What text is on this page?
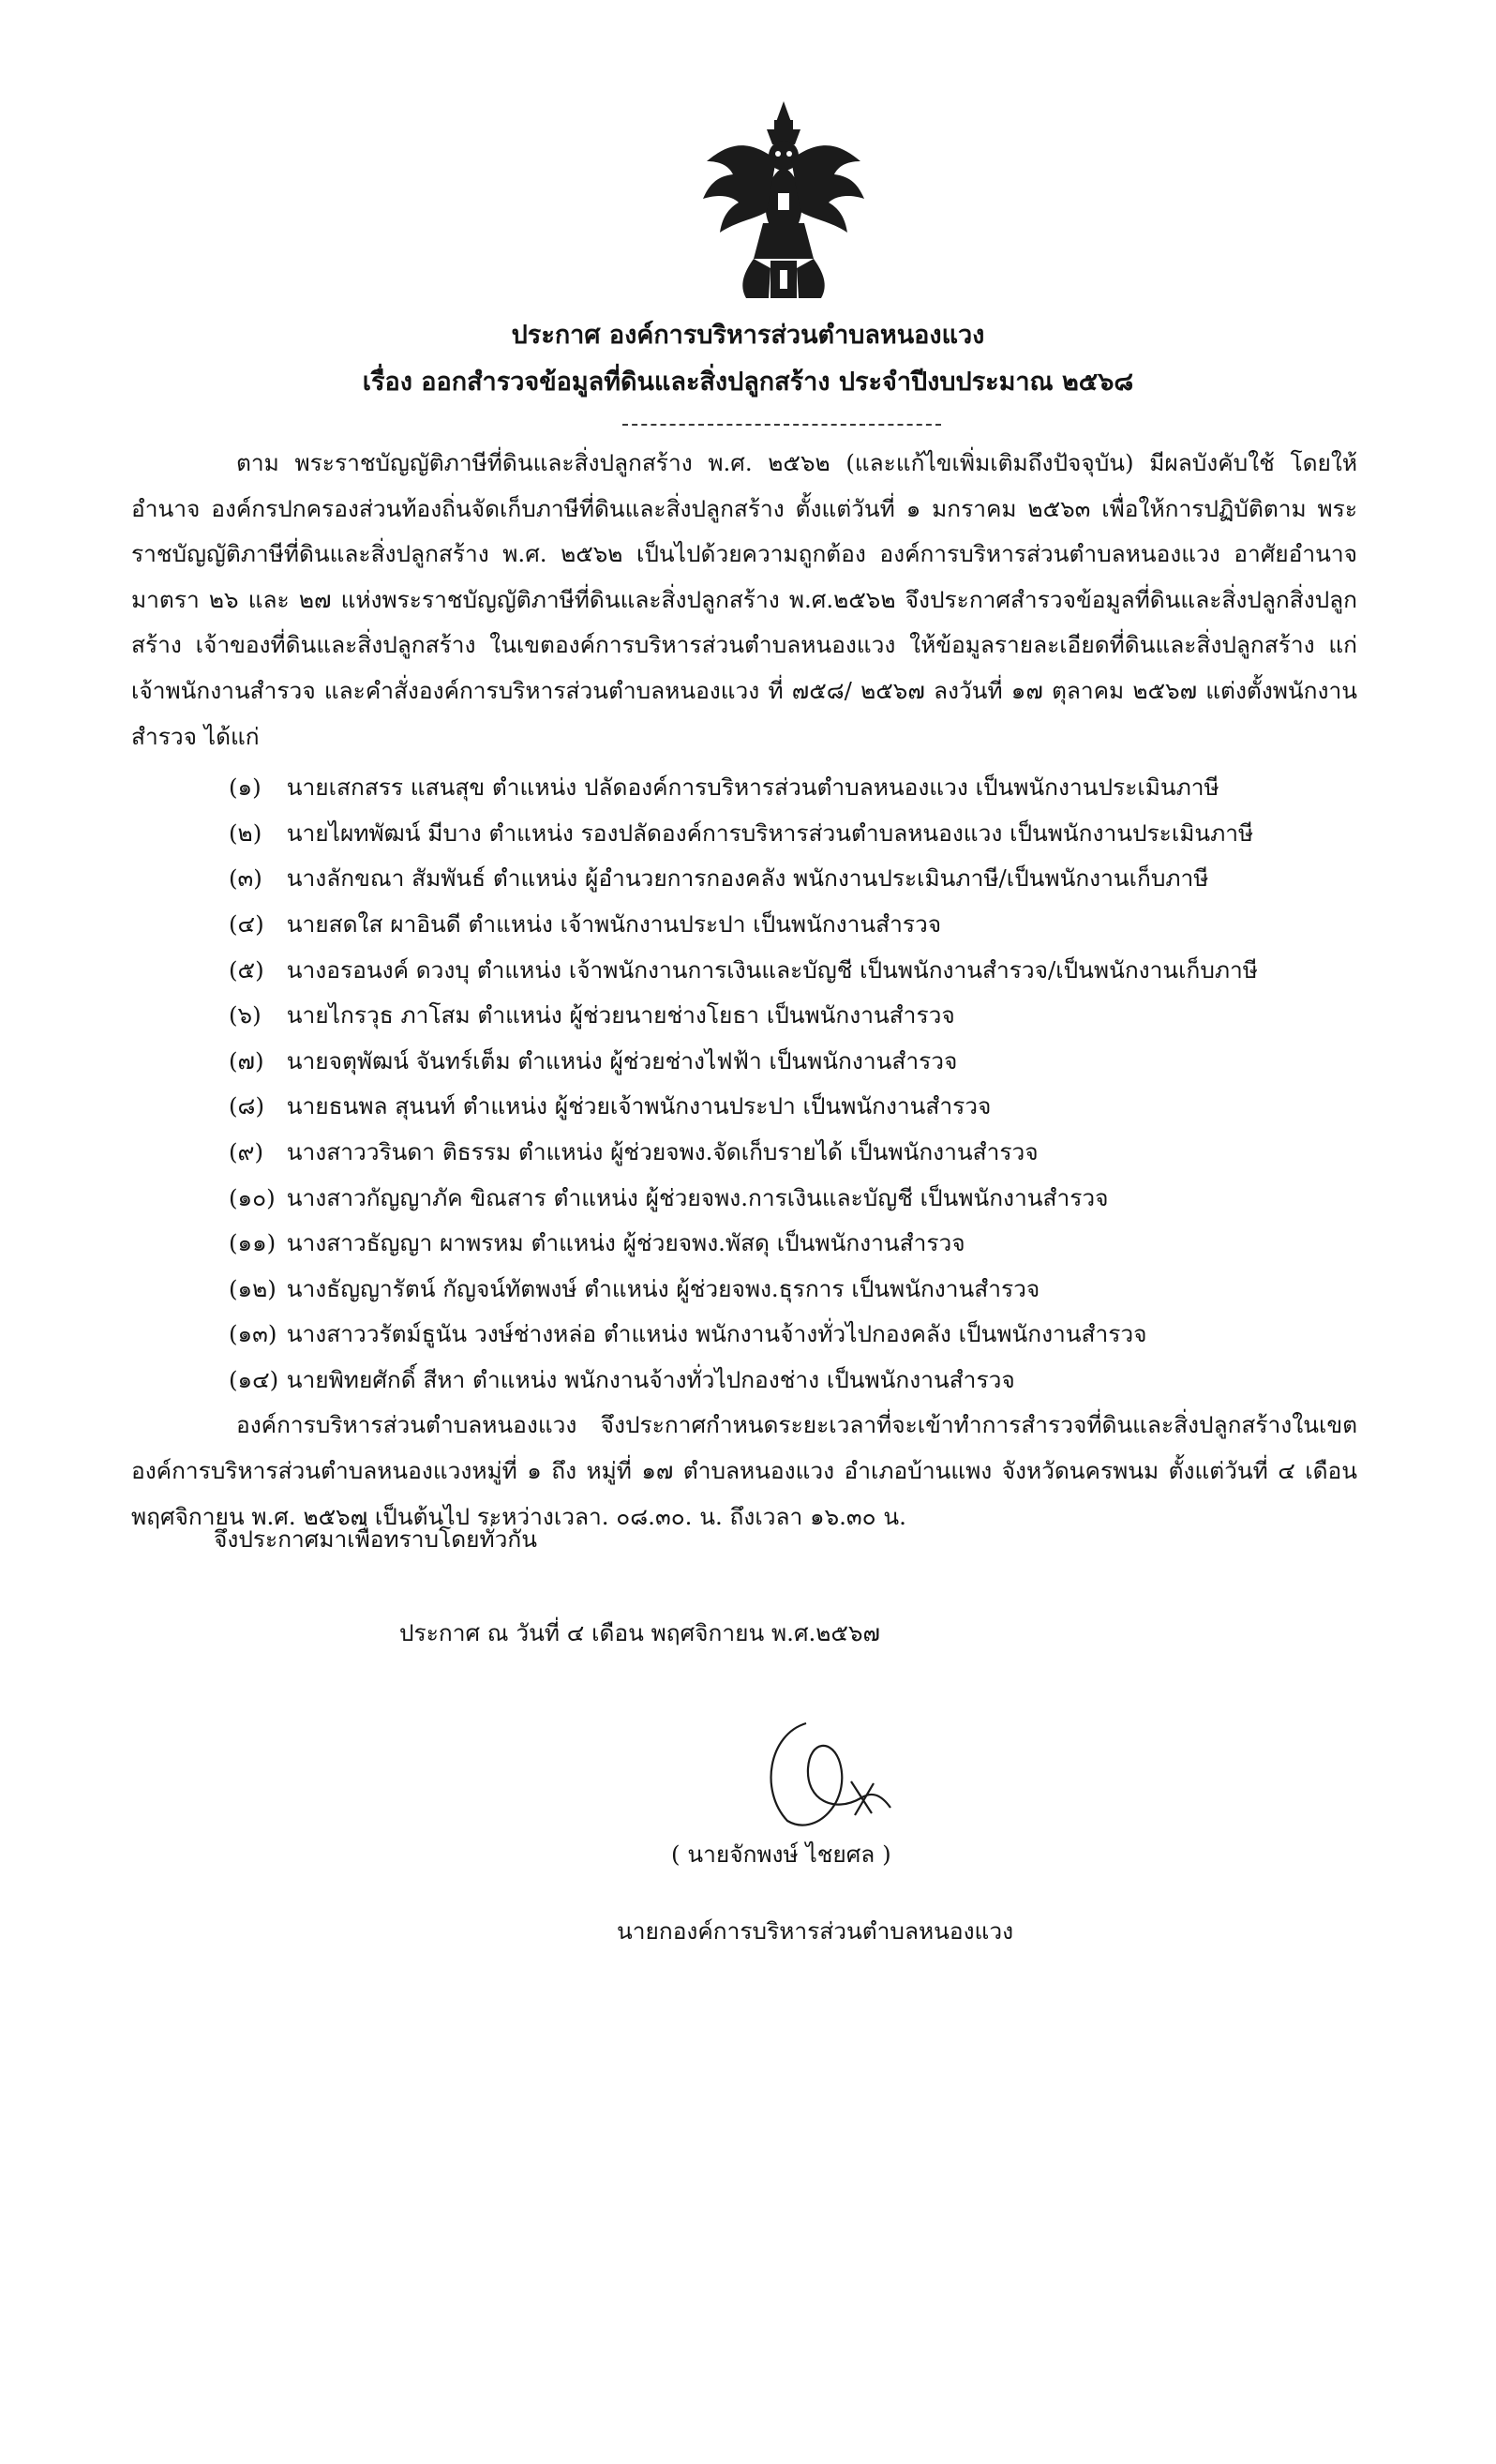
ประกาศ องค์การบริหารส่วนตำบลหนองแวง
เรื่อง ออกสำรวจข้อมูลที่ดินและสิ่งปลูกสร้าง ประจำปีงบประมาณ ๒๕๖๘

ตาม พระราชบัญญัติภาษีที่ดินและสิ่งปลูกสร้าง พ.ศ. ๒๕๖๒ (และแก้ไขเพิ่มเติมถึงปัจจุบัน) มีผลบังคับใช้ โดยให้อำนาจ องค์กรปกครองส่วนท้องถิ่นจัดเก็บภาษีที่ดินและสิ่งปลูกสร้าง ตั้งแต่วันที่ ๑ มกราคม ๒๕๖๓ เพื่อให้การปฏิบัติตาม พระราชบัญญัติภาษีที่ดินและสิ่งปลูกสร้าง พ.ศ. ๒๕๖๒ เป็นไปด้วยความถูกต้อง องค์การบริหารส่วนตำบลหนองแวง อาศัยอำนาจมาตรา ๒๖ และ ๒๗ แห่งพระราชบัญญัติภาษีที่ดินและสิ่งปลูกสร้าง พ.ศ.๒๕๖๒ จึงประกาศสำรวจข้อมูลที่ดินและสิ่งปลูกสิ่งปลูกสร้าง เจ้าของที่ดินและสิ่งปลูกสร้าง ในเขตองค์การบริหารส่วนตำบลหนองแวง ให้ข้อมูลรายละเอียดที่ดินและสิ่งปลูกสร้าง แก่เจ้าพนักงานสำรวจ และคำสั่งองค์การบริหารส่วนตำบลหนองแวง ที่ ๗๕๘/ ๒๕๖๗ ลงวันที่ ๑๗ ตุลาคม ๒๕๖๗ แต่งตั้งพนักงานสำรวจ ได้แก่

(๑) นายเสกสรร แสนสุข ตำแหน่ง ปลัดองค์การบริหารส่วนตำบลหนองแวง เป็นพนักงานประเมินภาษี
(๒) นายไผทพัฒน์ มีบาง ตำแหน่ง รองปลัดองค์การบริหารส่วนตำบลหนองแวง เป็นพนักงานประเมินภาษี
(๓) นางลักขณา สัมพันธ์ ตำแหน่ง ผู้อำนวยการกองคลัง พนักงานประเมินภาษี/เป็นพนักงานเก็บภาษี
(๔) นายสดใส ผาอินดี ตำแหน่ง เจ้าพนักงานประปา เป็นพนักงานสำรวจ
(๕) นางอรอนงค์ ดวงบุ ตำแหน่ง เจ้าพนักงานการเงินและบัญชี เป็นพนักงานสำรวจ/เป็นพนักงานเก็บภาษี
(๖) นายไกรวุธ ภาโสม ตำแหน่ง ผู้ช่วยนายช่างโยธา เป็นพนักงานสำรวจ
(๗) นายจตุพัฒน์ จันทร์เต็ม ตำแหน่ง ผู้ช่วยช่างไฟฟ้า เป็นพนักงานสำรวจ
(๘) นายธนพล สุนนท์ ตำแหน่ง ผู้ช่วยเจ้าพนักงานประปา เป็นพนักงานสำรวจ
(๙) นางสาววรินดา ติธรรม ตำแหน่ง ผู้ช่วยจพง.จัดเก็บรายได้ เป็นพนักงานสำรวจ
(๑๐) นางสาวกัญญาภัค ขิณสาร ตำแหน่ง ผู้ช่วยจพง.การเงินและบัญชี เป็นพนักงานสำรวจ
(๑๑) นางสาวธัญญา ผาพรหม ตำแหน่ง ผู้ช่วยจพง.พัสดุ เป็นพนักงานสำรวจ
(๑๒) นางธัญญารัตน์ กัญจน์ทัตพงษ์ ตำแหน่ง ผู้ช่วยจพง.ธุรการ เป็นพนักงานสำรวจ
(๑๓) นางสาววรัตม์ธูนัน วงษ์ช่างหล่อ ตำแหน่ง พนักงานจ้างทั่วไปกองคลัง เป็นพนักงานสำรวจ
(๑๔) นายพิทยศักดิ์ สีหา ตำแหน่ง พนักงานจ้างทั่วไปกองช่าง เป็นพนักงานสำรวจ

องค์การบริหารส่วนตำบลหนองแวง จึงประกาศกำหนดระยะเวลาที่จะเข้าทำการสำรวจที่ดินและสิ่งปลูกสร้างในเขตองค์การบริหารส่วนตำบลหนองแวงหมู่ที่ ๑ ถึง หมู่ที่ ๑๗ ตำบลหนองแวง อำเภอบ้านแพง จังหวัดนครพนม ตั้งแต่วันที่ ๔ เดือน พฤศจิกายน พ.ศ. ๒๕๖๗ เป็นต้นไป ระหว่างเวลา. ๐๘.๓๐. น. ถึงเวลา ๑๖.๓๐ น.

จึงประกาศมาเพื่อทราบโดยทั่วกัน
ประกาศ ณ วันที่ ๔ เดือน พฤศจิกายน พ.ศ.๒๕๖๗
( นายจักพงษ์ ไชยศล )
นายกองค์การบริหารส่วนตำบลหนองแวง
